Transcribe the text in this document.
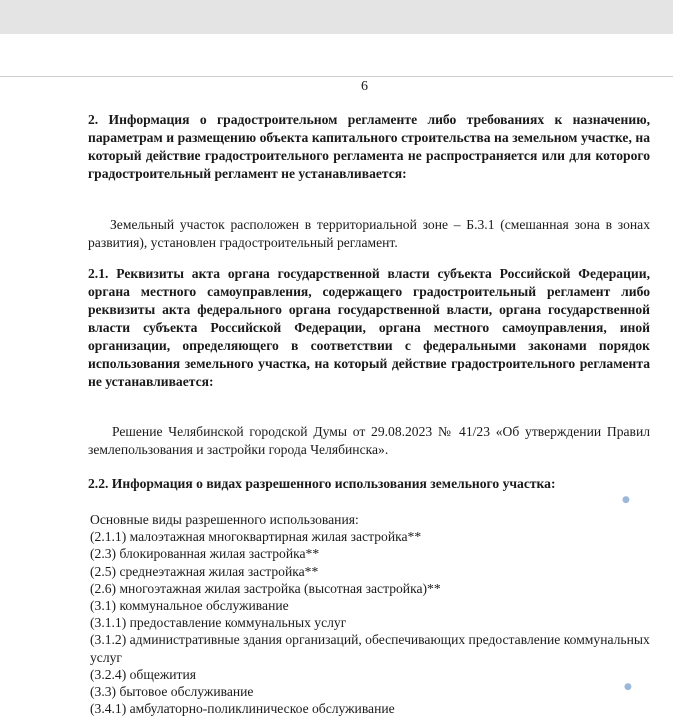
6
2. Информация о градостроительном регламенте либо требованиях к назначению, параметрам и размещению объекта капитального строительства на земельном участке, на который действие градостроительного регламента не распространяется или для которого градостроительный регламент не устанавливается:
Земельный участок расположен в территориальной зоне – Б.3.1 (смешанная зона в зонах развития), установлен градостроительный регламент.
2.1. Реквизиты акта органа государственной власти субъекта Российской Федерации, органа местного самоуправления, содержащего градостроительный регламент либо реквизиты акта федерального органа государственной власти, органа государственной власти субъекта Российской Федерации, органа местного самоуправления, иной организации, определяющего в соответствии с федеральными законами порядок использования земельного участка, на который действие градостроительного регламента не устанавливается:
Решение Челябинской городской Думы от 29.08.2023 № 41/23 «Об утверждении Правил землепользования и застройки города Челябинска».
2.2. Информация о видах разрешенного использования земельного участка:
Основные виды разрешенного использования:
(2.1.1) малоэтажная многоквартирная жилая застройка**
(2.3) блокированная жилая застройка**
(2.5) среднеэтажная жилая застройка**
(2.6) многоэтажная жилая застройка (высотная застройка)**
(3.1) коммунальное обслуживание
(3.1.1) предоставление коммунальных услуг
(3.1.2) административные здания организаций, обеспечивающих предоставление коммунальных услуг
(3.2.4) общежития
(3.3) бытовое обслуживание
(3.4.1) амбулаторно-поликлиническое обслуживание
●
●
